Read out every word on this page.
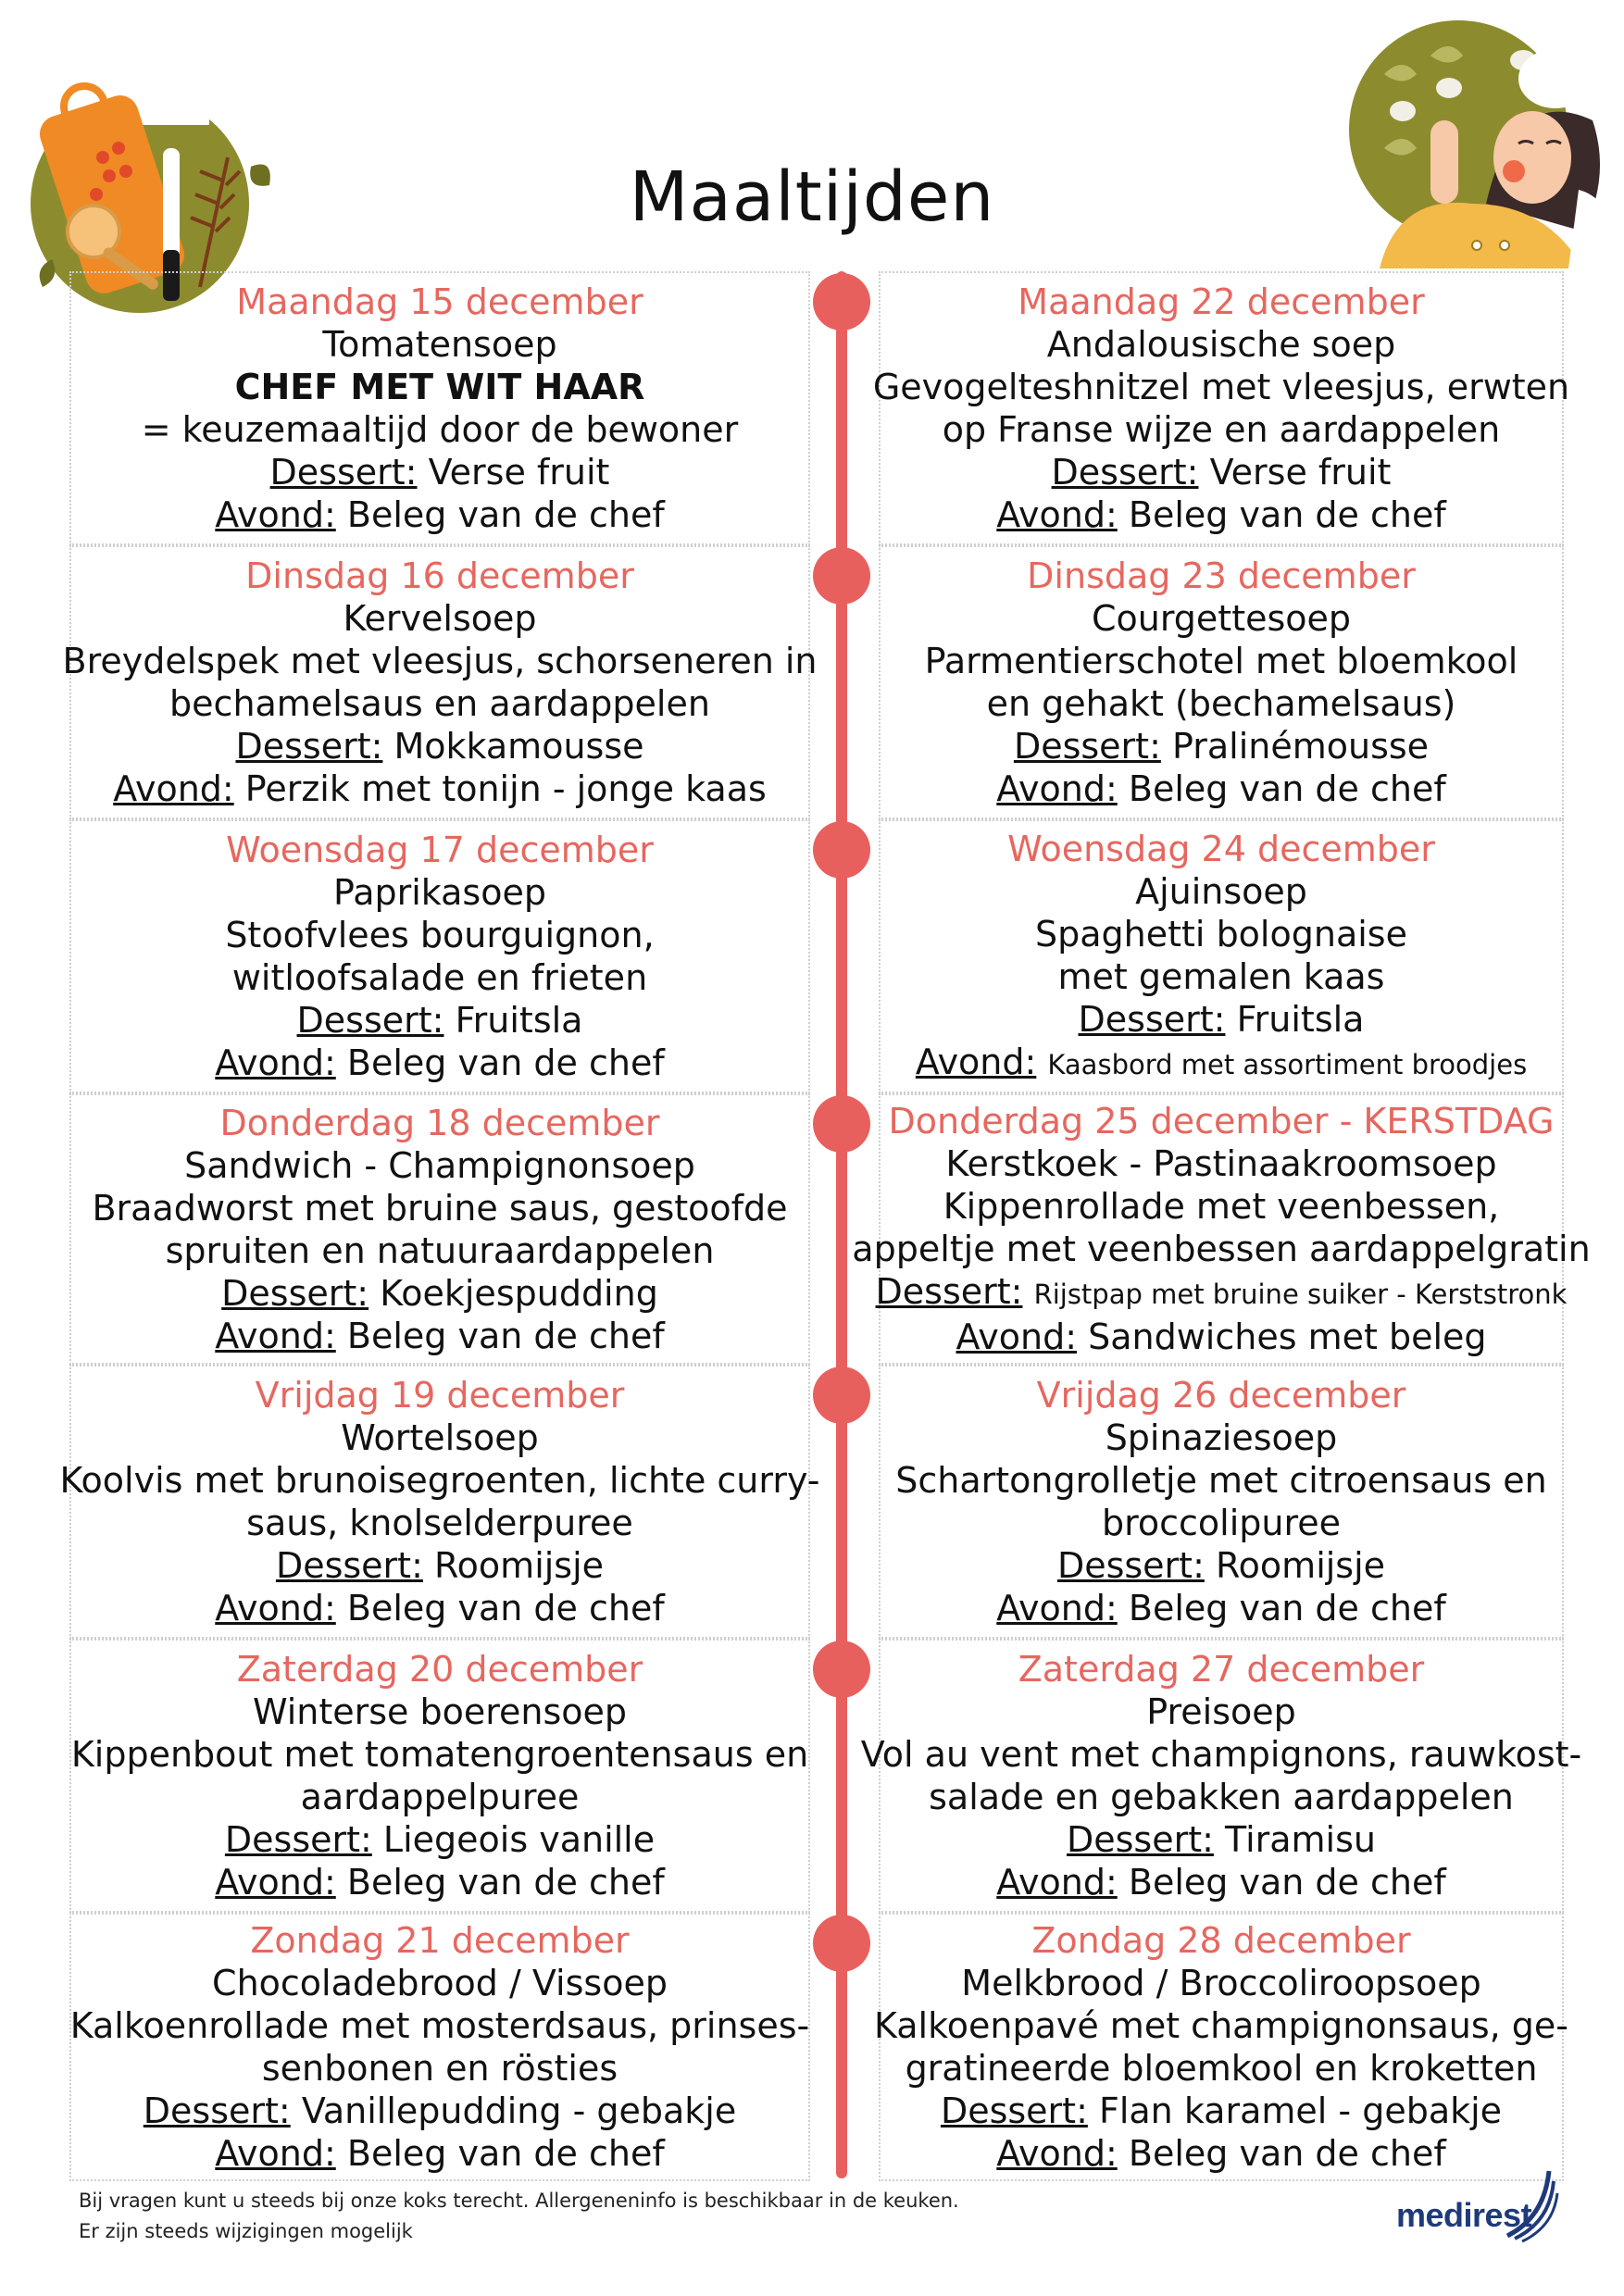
Maaltijden
Maandag 15 december
Tomatensoep
CHEF MET WIT HAAR
= keuzemaaltijd door de bewoner
Dessert: Verse fruit
Avond: Beleg van de chef
Maandag 22 december
Andalousische soep
Gevogelteshnitzel met vleesjus, erwten
op Franse wijze en aardappelen
Dessert: Verse fruit
Avond: Beleg van de chef
Dinsdag 16 december
Kervelsoep
Breydelspek met vleesjus, schorseneren in
bechamelsaus en aardappelen
Dessert: Mokkamousse
Avond: Perzik met tonijn - jonge kaas
Dinsdag 23 december
Courgettesoep
Parmentierschotel met bloemkool
en gehakt (bechamelsaus)
Dessert: Pralinémousse
Avond: Beleg van de chef
Woensdag 17 december
Paprikasoep
Stoofvlees bourguignon,
witloofsalade en frieten
Dessert: Fruitsla
Avond: Beleg van de chef
Woensdag 24 december
Ajuinsoep
Spaghetti bolognaise
met gemalen kaas
Dessert: Fruitsla
Avond: Kaasbord met assortiment broodjes
Donderdag 18 december
Sandwich - Champignonsoep
Braadworst met bruine saus, gestoofde
spruiten en natuuraardappelen
Dessert: Koekjespudding
Avond: Beleg van de chef
Donderdag 25 december - KERSTDAG
Kerstkoek - Pastinaakroomsoep
Kippenrollade met veenbessen,
appeltje met veenbessen aardappelgratin
Dessert: Rijstpap met bruine suiker - Kerststronk
Avond: Sandwiches met beleg
Vrijdag 19 december
Wortelsoep
Koolvis met brunoisegroenten, lichte curry-
saus, knolselderpuree
Dessert: Roomijsje
Avond: Beleg van de chef
Vrijdag 26 december
Spinaziesoep
Schartongrolletje met citroensaus en
broccolipuree
Dessert: Roomijsje
Avond: Beleg van de chef
Zaterdag 20 december
Winterse boerensoep
Kippenbout met tomatengroentensaus en
aardappelpuree
Dessert: Liegeois vanille
Avond: Beleg van de chef
Zaterdag 27 december
Preisoep
Vol au vent met champignons, rauwkost-
salade en gebakken aardappelen
Dessert: Tiramisu
Avond: Beleg van de chef
Zondag 21 december
Chocoladebrood / Vissoep
Kalkoenrollade met mosterdsaus, prinses-
senbonen en rösties
Dessert: Vanillepudding - gebakje
Avond: Beleg van de chef
Zondag 28 december
Melkbrood / Broccoliroopsoep
Kalkoenpavé met champignonsaus, ge-
gratineerde bloemkool en kroketten
Dessert: Flan karamel - gebakje
Avond: Beleg van de chef
Bij vragen kunt u steeds bij onze koks terecht. Allergeneninfo is beschikbaar in de keuken.
Er zijn steeds wijzigingen mogelijk	medirest
